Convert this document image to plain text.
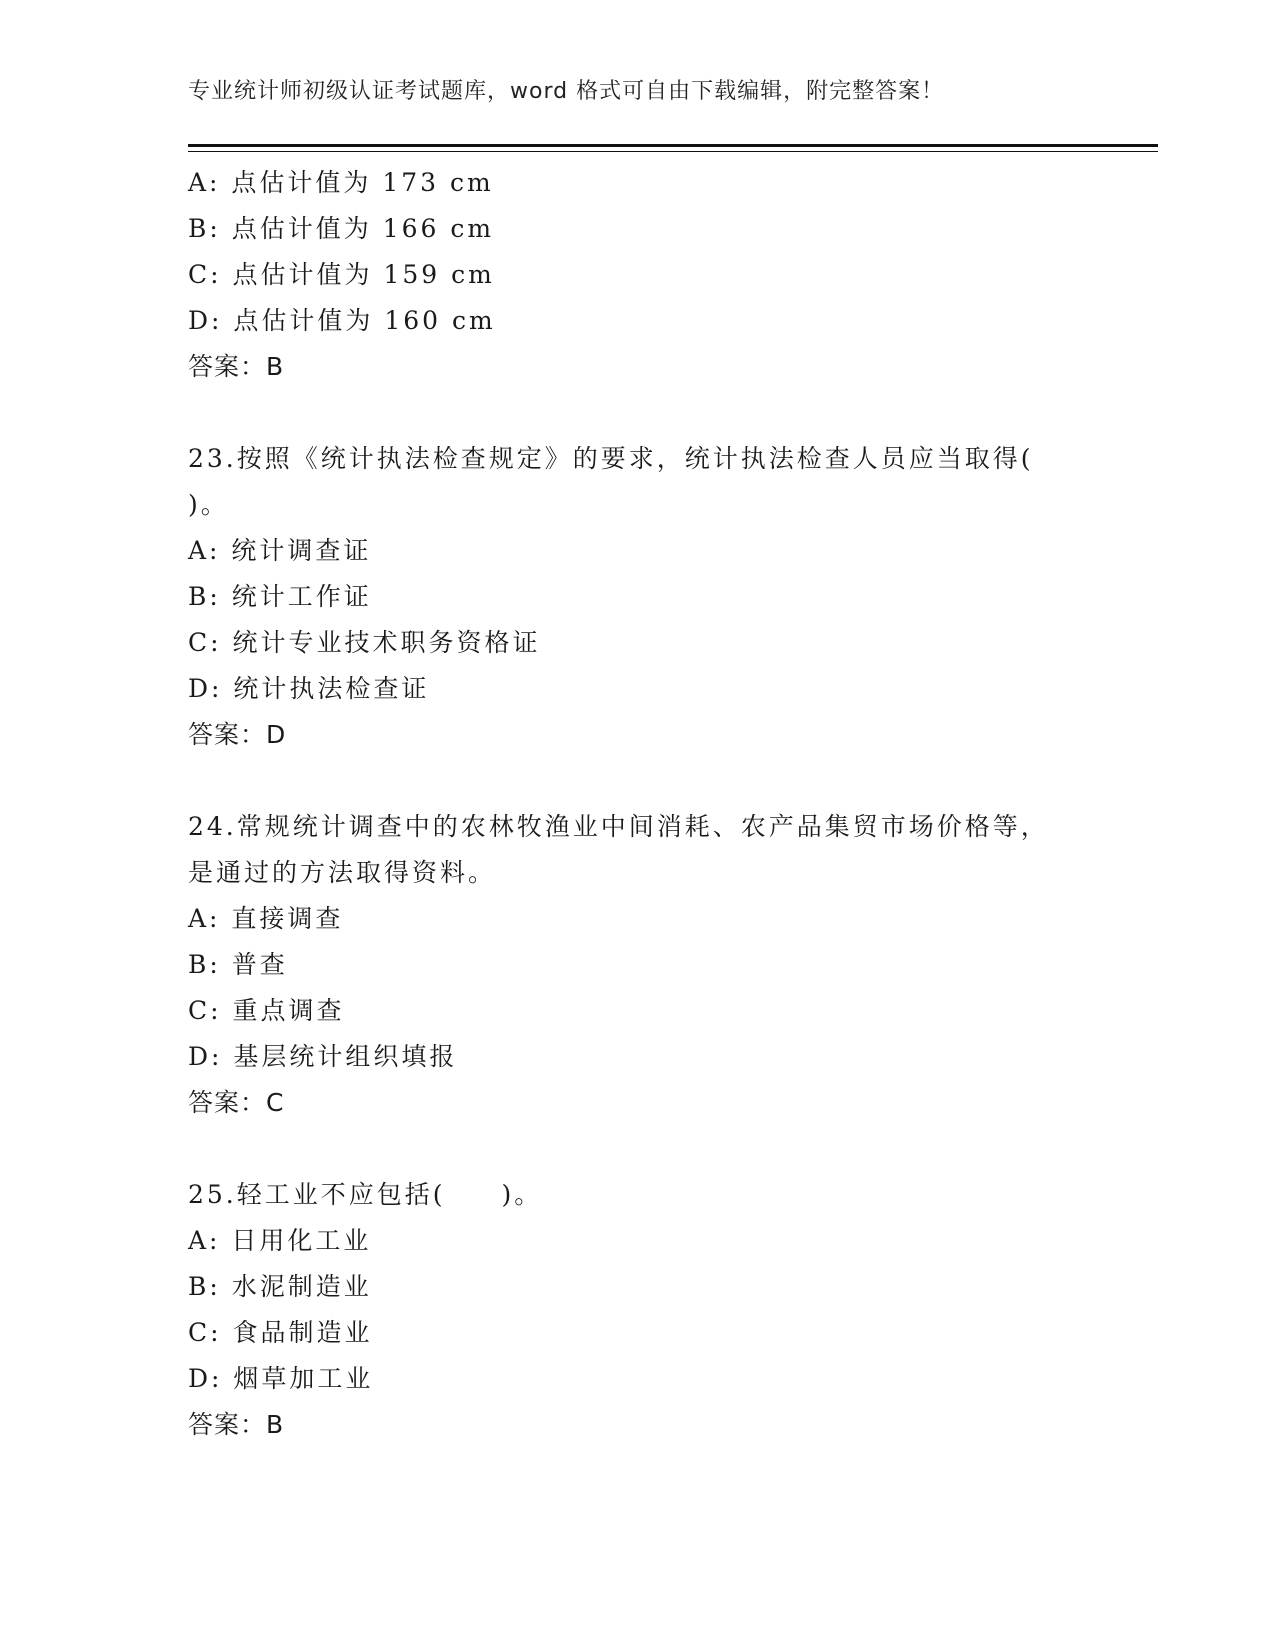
专业统计师初级认证考试题库，word 格式可自由下载编辑，附完整答案！
A: 点估计值为 173 cm
B: 点估计值为 166 cm
C: 点估计值为 159 cm
D: 点估计值为 160 cm
答案：B
23.按照《统计执法检查规定》的要求，统计执法检查人员应当取得(
)。
A: 统计调查证
B: 统计工作证
C: 统计专业技术职务资格证
D: 统计执法检查证
答案：D
24.常规统计调查中的农林牧渔业中间消耗、农产品集贸市场价格等，
是通过的方法取得资料。
A: 直接调查
B: 普查
C: 重点调查
D: 基层统计组织填报
答案：C
25.轻工业不应包括(　　)。
A: 日用化工业
B: 水泥制造业
C: 食品制造业
D: 烟草加工业
答案：B
